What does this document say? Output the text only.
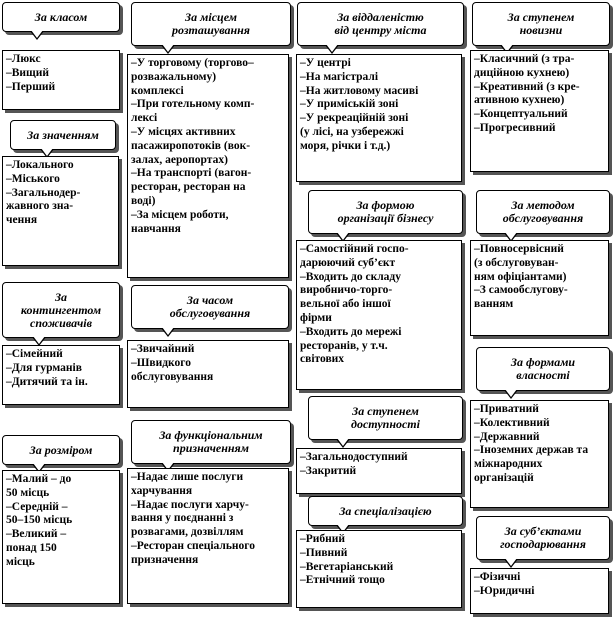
За класом
–Люкс
–Вищий
–Перший
За місцем
розташування
–У торговому (торгово–
розважальному)
комплексі
–При готельному комп-
лексі
–У місцях активних
пасажиропотоків (вок-
залах, аеропортах)
–На транспорті (вагон-
ресторан, ресторан на
воді)
–За місцем роботи,
навчання
За віддаленістю
від центру міста
–У центрі
–На магістралі
–На житловому масиві
–У приміській зоні
–У рекреаційній зоні
(у лісі, на узбережжі
моря, річки і т.д.)
За ступенем
новизни
–Класичний (з тра-
диційною кухнею)
–Креативний (з кре-
ативною кухнею)
–Концептуальний
–Прогресивний
За значенням
–Локального
–Міського
–Загальнодер-
жавного зна-
чення
За формою
організації бізнесу
–Самостійний госпо-
дарюючий суб’єкт
–Входить до складу
виробничо-торго-
вельної або іншої
фірми
–Входить до мережі
ресторанів, у т.ч.
світових
За методом
обслуговування
–Повносервісний
(з обслуговуван-
ням офіціантами)
–З самообслугову-
ванням
За
контингентом
споживачів
–Сімейний
–Для гурманів
–Дитячий та ін.
За часом
обслуговування
–Звичайний
–Швидкого
обслуговування
За формами
власності
–Приватний
–Колективний
–Державний
–Іноземних держав та
міжнародних
організацій
За ступенем
доступності
–Загальнодоступний
–Закритий
За розміром
–Малий – до
50 місць
–Середній –
50–150 місць
–Великий –
понад 150
місць
За функціональним
призначенням
–Надає лише послуги
харчування
–Надає послуги харчу-
вання у поєднанні з
розвагами, дозвіллям
–Ресторан спеціального
призначення
За спеціалізацією
–Рибний
–Пивний
–Вегетаріанський
–Етнічний тощо
За суб’єктами
господарювання
–Фізичні
–Юридичні
